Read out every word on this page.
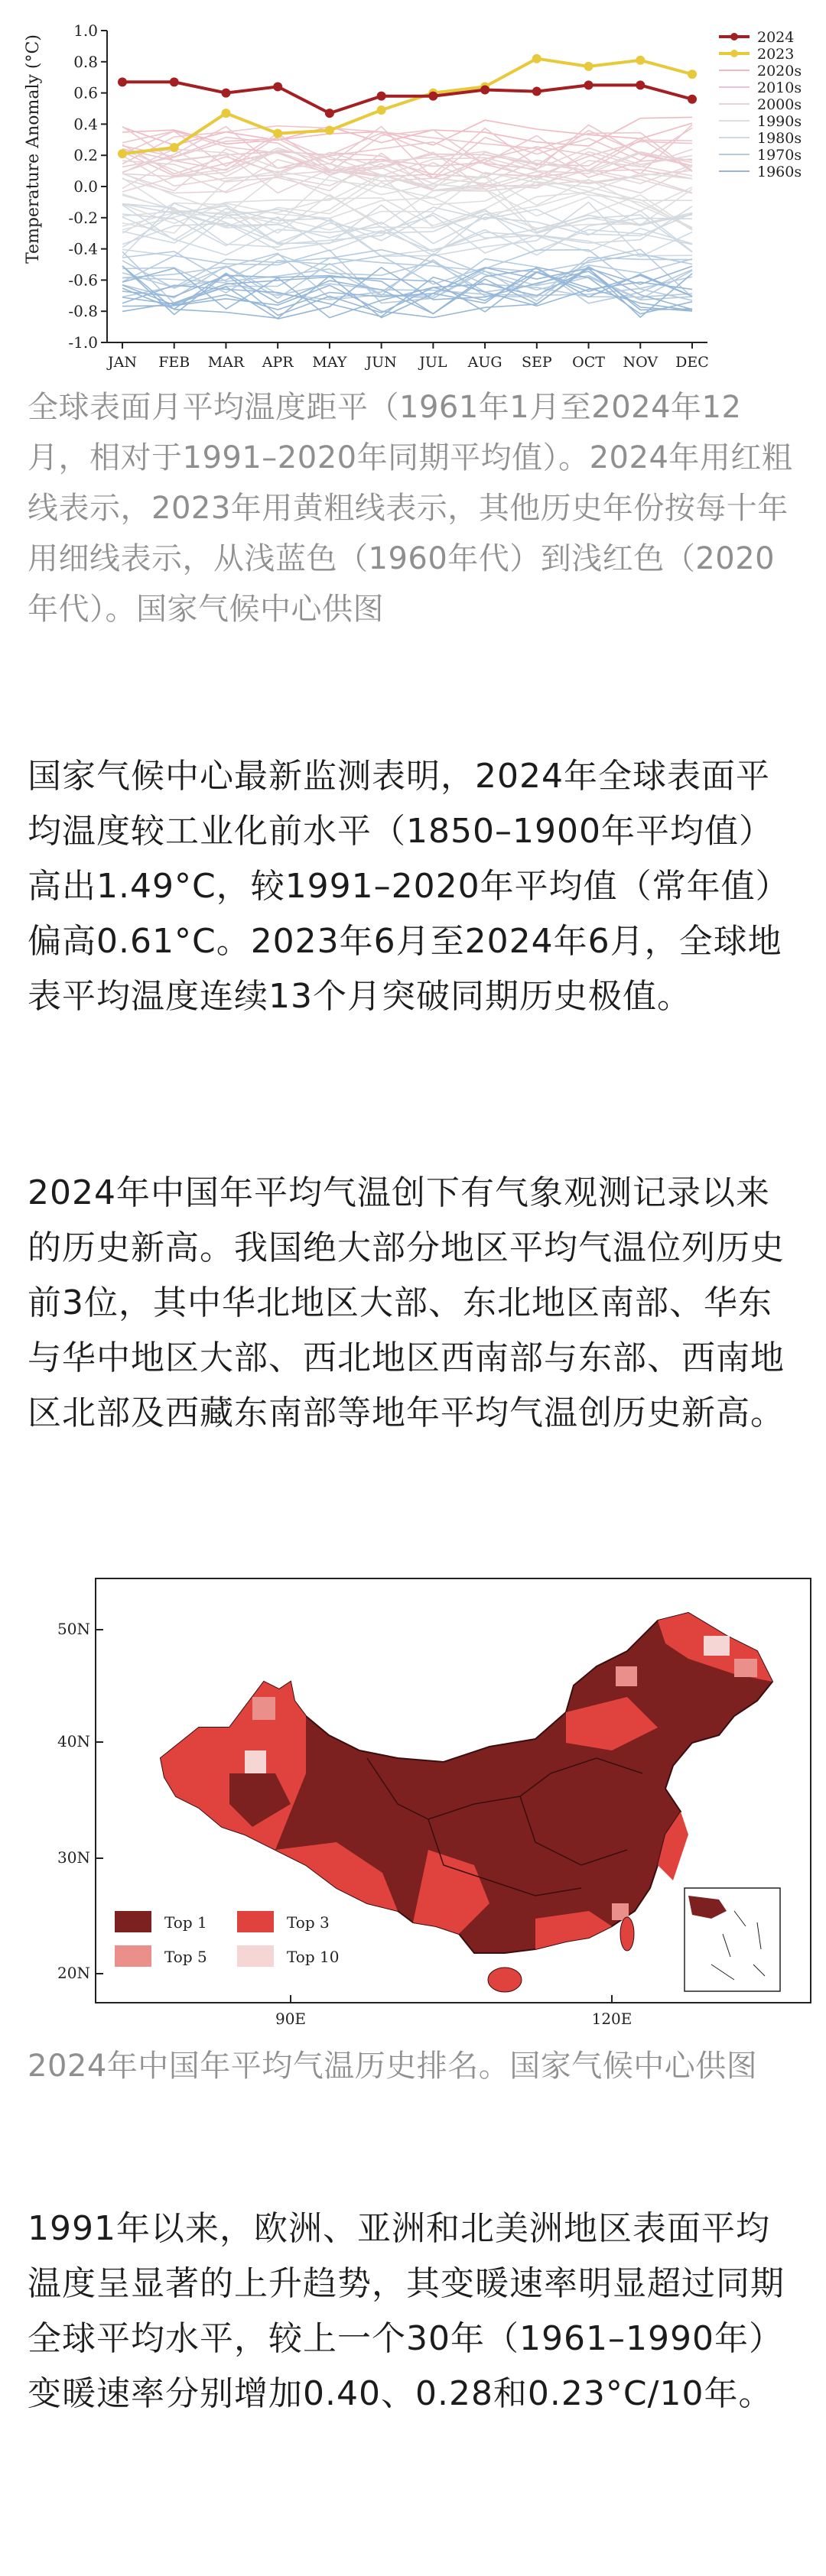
1.0
0.8
0.6
0.4
0.2
0.0
-0.2
-0.4
-0.6
-0.8
-1.0
JAN FEB MAR APR MAY JUN JUL AUG SEP OCT NOV DEC
2024
2023
2020s
2010s
2000s
1990s
1980s
1970s
1960s
Temperature Anomaly (°C)
全球表面月平均温度距平（1961年1月至2024年12月，相对于1991–2020年同期平均值）。2024年用红粗线表示，2023年用黄粗线表示，其他历史年份按每十年用细线表示，从浅蓝色（1960年代）到浅红色（2020年代）。国家气候中心供图
国家气候中心最新监测表明，2024年全球表面平均温度较工业化前水平（1850–1900年平均值）高出1.49°C，较1991–2020年平均值（常年值）偏高0.61°C。2023年6月至2024年6月，全球地表平均温度连续13个月突破同期历史极值。
2024年中国年平均气温创下有气象观测记录以来的历史新高。我国绝大部分地区平均气温位列历史前3位，其中华北地区大部、东北地区南部、华东与华中地区大部、西北地区西南部与东部、西南地区北部及西藏东南部等地年平均气温创历史新高。
50N
40N
30N
20N
90E	120E
Top 1	Top 3
Top 5	Top 10
2024年中国年平均气温历史排名。国家气候中心供图
1991年以来，欧洲、亚洲和北美洲地区表面平均温度呈显著的上升趋势，其变暖速率明显超过同期全球平均水平，较上一个30年（1961–1990年）变暖速率分别增加0.40、0.28和0.23°C/10年。
